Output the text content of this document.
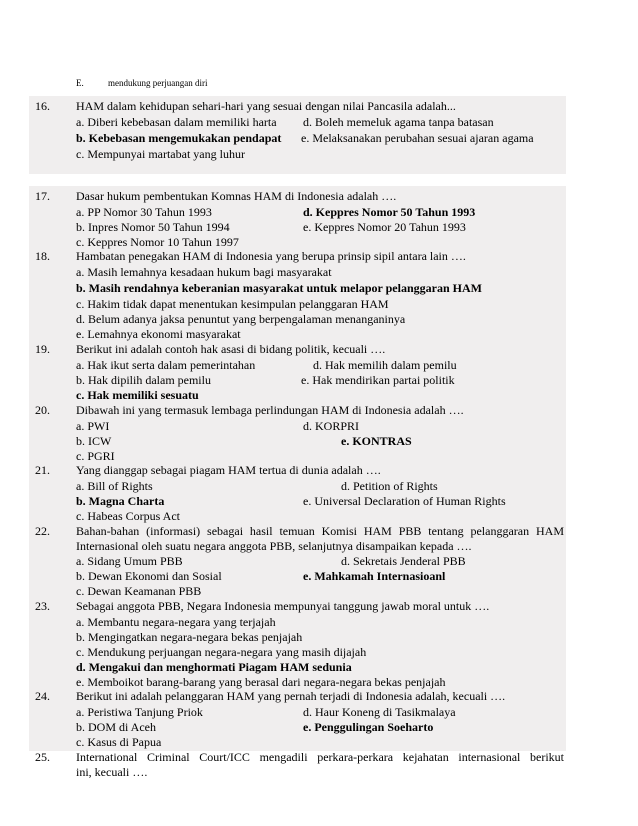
E.	mendukung perjuangan diri
16. HAM dalam kehidupan sehari-hari yang sesuai dengan nilai Pancasila adalah...
a. Diberi kebebasan dalam memiliki harta d. Boleh memeluk agama tanpa batasan
b. Kebebasan mengemukakan pendapat e. Melaksanakan perubahan sesuai ajaran agama
c. Mempunyai martabat yang luhur
17. Dasar hukum pembentukan Komnas HAM di Indonesia adalah ….
a. PP Nomor 30 Tahun 1993	d. Keppres Nomor 50 Tahun 1993
b. Inpres Nomor 50 Tahun 1994	e. Keppres Nomor 20 Tahun 1993
c. Keppres Nomor 10 Tahun 1997
18. Hambatan penegakan HAM di Indonesia yang berupa prinsip sipil antara lain ….
a. Masih lemahnya kesadaan hukum bagi masyarakat
b. Masih rendahnya keberanian masyarakat untuk melapor pelanggaran HAM
c. Hakim tidak dapat menentukan kesimpulan pelanggaran HAM
d. Belum adanya jaksa penuntut yang berpengalaman menanganinya
e. Lemahnya ekonomi masyarakat
19. Berikut ini adalah contoh hak asasi di bidang politik, kecuali ….
a. Hak ikut serta dalam pemerintahan	d. Hak memilih dalam pemilu
b. Hak dipilih dalam pemilu	e. Hak mendirikan partai politik
c. Hak memiliki sesuatu
20. Dibawah ini yang termasuk lembaga perlindungan HAM di Indonesia adalah ….
a. PWI	d. KORPRI
b. ICW	e. KONTRAS
c. PGRI
21. Yang dianggap sebagai piagam HAM tertua di dunia adalah ….
a. Bill of Rights	d. Petition of Rights
b. Magna Charta	e. Universal Declaration of Human Rights
c. Habeas Corpus Act
22. Bahan-bahan (informasi) sebagai hasil temuan Komisi HAM PBB tentang pelanggaran HAM
Internasional oleh suatu negara anggota PBB, selanjutnya disampaikan kepada ….
a. Sidang Umum PBB	d. Sekretais Jenderal PBB
b. Dewan Ekonomi dan Sosial	e. Mahkamah Internasioanl
c. Dewan Keamanan PBB
23. Sebagai anggota PBB, Negara Indonesia mempunyai tanggung jawab moral untuk ….
a. Membantu negara-negara yang terjajah
b. Mengingatkan negara-negara bekas penjajah
c. Mendukung perjuangan negara-negara yang masih dijajah
d. Mengakui dan menghormati Piagam HAM sedunia
e. Memboikot barang-barang yang berasal dari negara-negara bekas penjajah
24. Berikut ini adalah pelanggaran HAM yang pernah terjadi di Indonesia adalah, kecuali ….
a. Peristiwa Tanjung Priok	d. Haur Koneng di Tasikmalaya
b. DOM di Aceh	e. Penggulingan Soeharto
c. Kasus di Papua
25. International Criminal Court/ICC mengadili perkara-perkara kejahatan internasional berikut
ini, kecuali ….
